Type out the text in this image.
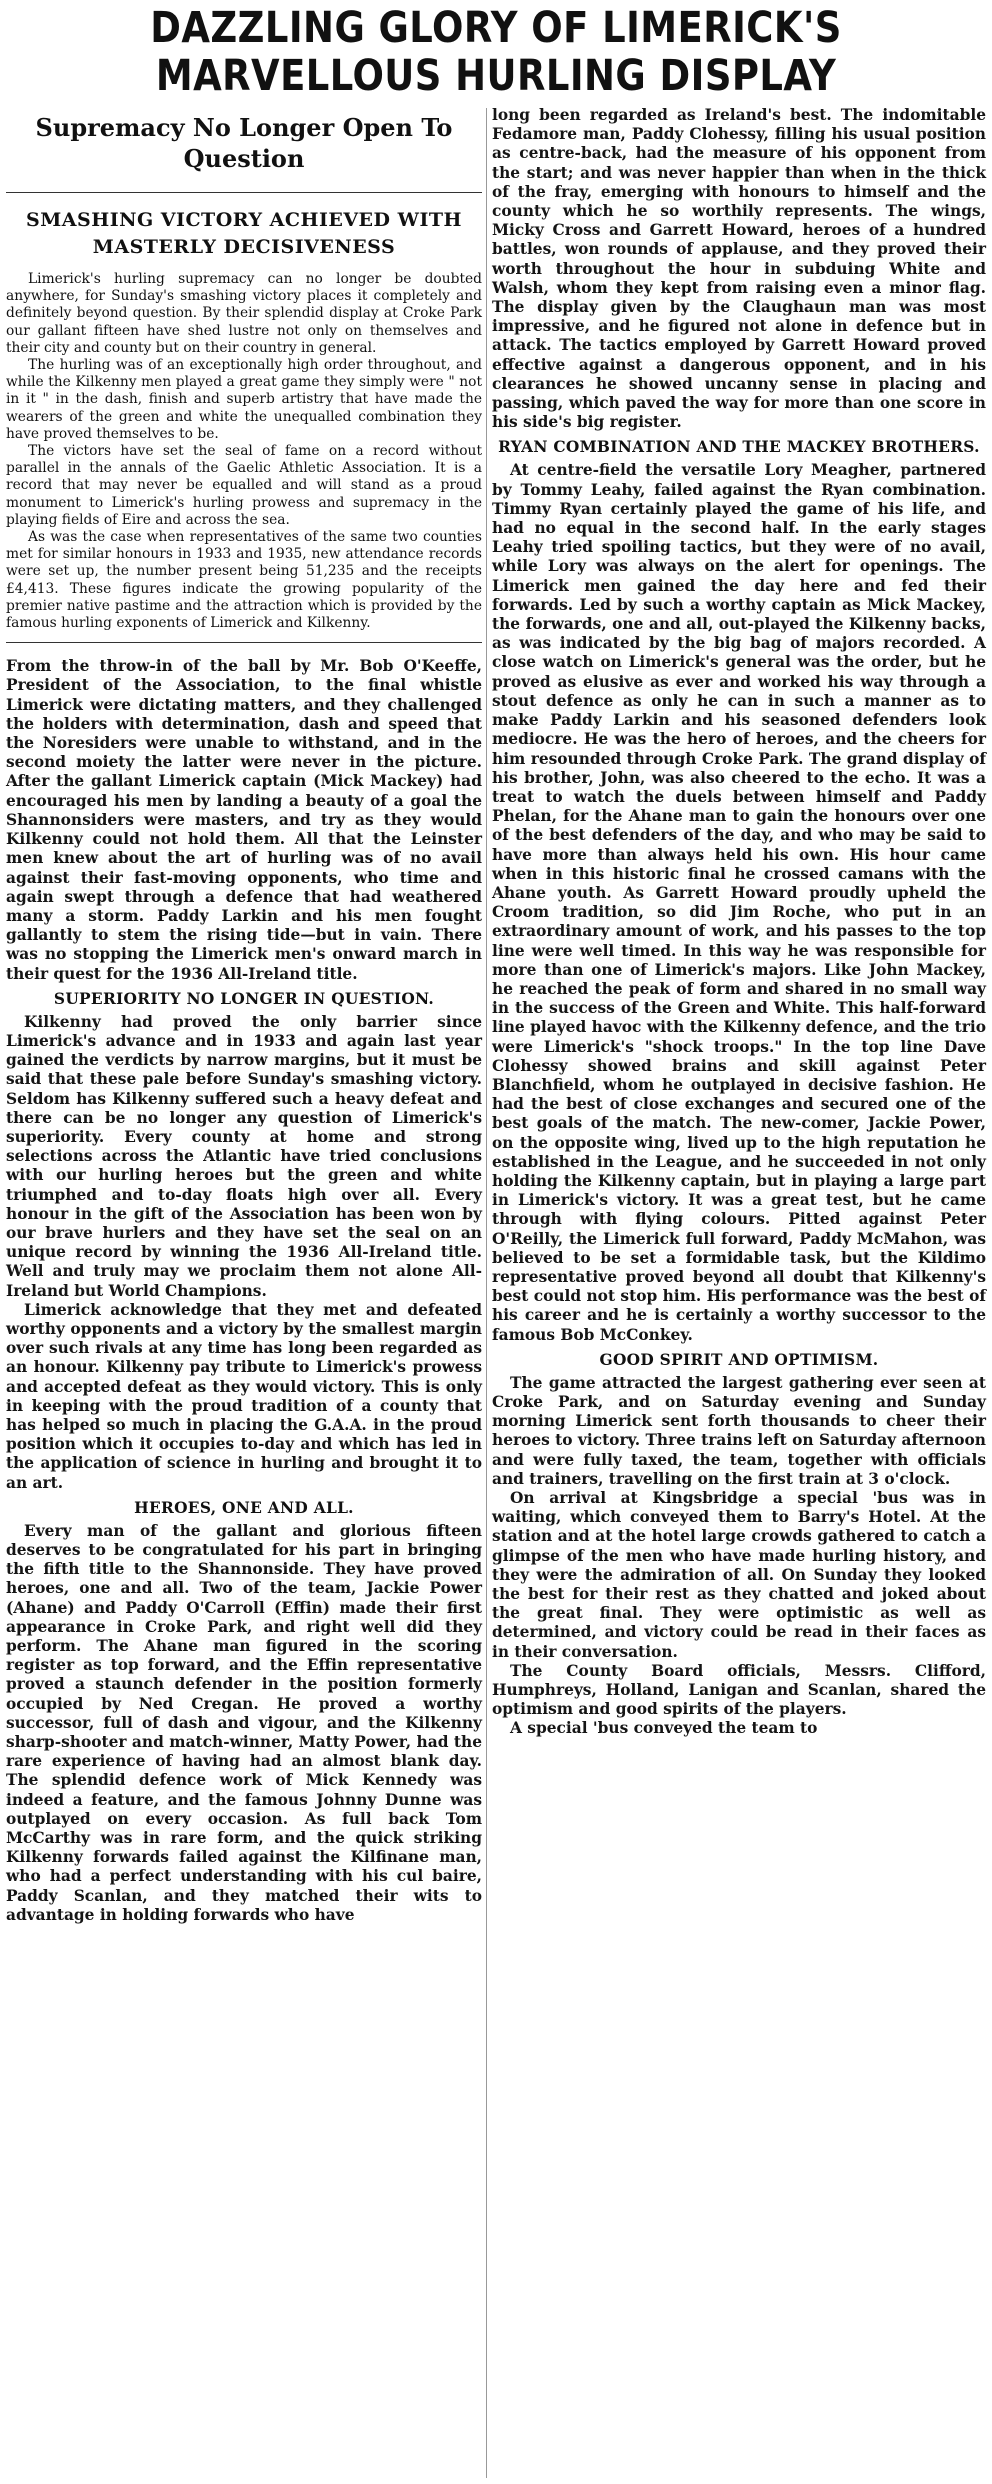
DAZZLING GLORY OF LIMERICK'S
MARVELLOUS HURLING DISPLAY
Supremacy No Longer Open To Question
SMASHING VICTORY ACHIEVED WITH MASTERLY DECISIVENESS

Limerick's hurling supremacy can no longer be doubted anywhere, for Sunday's smashing victory places it completely and definitely beyond question. By their splendid display at Croke Park our gallant fifteen have shed lustre not only on themselves and their city and county but on their country in general.

The hurling was of an exceptionally high order throughout, and while the Kilkenny men played a great game they simply were " not in it " in the dash, finish and superb artistry that have made the wearers of the green and white the unequalled combination they have proved themselves to be.

The victors have set the seal of fame on a record without parallel in the annals of the Gaelic Athletic Association. It is a record that may never be equalled and will stand as a proud monument to Limerick's hurling prowess and supremacy in the playing fields of Eire and across the sea.

As was the case when representatives of the same two counties met for similar honours in 1933 and 1935, new attendance records were set up, the number present being 51,235 and the receipts £4,413. These figures indicate the growing popularity of the premier native pastime and the attraction which is provided by the famous hurling exponents of Limerick and Kilkenny.

From the throw-in of the ball by Mr. Bob O'Keeffe, President of the Association, to the final whistle Limerick were dictating matters, and they challenged the holders with determination, dash and speed that the Noresiders were unable to withstand, and in the second moiety the latter were never in the picture. After the gallant Limerick captain (Mick Mackey) had encouraged his men by landing a beauty of a goal the Shannonsiders were masters, and try as they would Kilkenny could not hold them. All that the Leinster men knew about the art of hurling was of no avail against their fast-moving opponents, who time and again swept through a defence that had weathered many a storm. Paddy Larkin and his men fought gallantly to stem the rising tide—but in vain. There was no stopping the Limerick men's onward march in their quest for the 1936 All-Ireland title.

SUPERIORITY NO LONGER IN QUESTION.

Kilkenny had proved the only barrier since Limerick's advance and in 1933 and again last year gained the verdicts by narrow margins, but it must be said that these pale before Sunday's smashing victory. Seldom has Kilkenny suffered such a heavy defeat and there can be no longer any question of Limerick's superiority. Every county at home and strong selections across the Atlantic have tried conclusions with our hurling heroes but the green and white triumphed and to-day floats high over all. Every honour in the gift of the Association has been won by our brave hurlers and they have set the seal on an unique record by winning the 1936 All-Ireland title. Well and truly may we proclaim them not alone All-Ireland but World Champions.

Limerick acknowledge that they met and defeated worthy opponents and a victory by the smallest margin over such rivals at any time has long been regarded as an honour. Kilkenny pay tribute to Limerick's prowess and accepted defeat as they would victory. This is only in keeping with the proud tradition of a county that has helped so much in placing the G.A.A. in the proud position which it occupies to-day and which has led in the application of science in hurling and brought it to an art.

HEROES, ONE AND ALL.

Every man of the gallant and glorious fifteen deserves to be congratulated for his part in bringing the fifth title to the Shannonside. They have proved heroes, one and all. Two of the team, Jackie Power (Ahane) and Paddy O'Carroll (Effin) made their first appearance in Croke Park, and right well did they perform. The Ahane man figured in the scoring register as top forward, and the Effin representative proved a staunch defender in the position formerly occupied by Ned Cregan. He proved a worthy successor, full of dash and vigour, and the Kilkenny sharp-shooter and match-winner, Matty Power, had the rare experience of having had an almost blank day. The splendid defence work of Mick Kennedy was indeed a feature, and the famous Johnny Dunne was outplayed on every occasion. As full back Tom McCarthy was in rare form, and the quick striking Kilkenny forwards failed against the Kilfinane man, who had a perfect understanding with his cul baire, Paddy Scanlan, and they matched their wits to advantage in holding forwards who have

long been regarded as Ireland's best. The indomitable Fedamore man, Paddy Clohessy, filling his usual position as centre-back, had the measure of his opponent from the start; and was never happier than when in the thick of the fray, emerging with honours to himself and the county which he so worthily represents. The wings, Micky Cross and Garrett Howard, heroes of a hundred battles, won rounds of applause, and they proved their worth throughout the hour in subduing White and Walsh, whom they kept from raising even a minor flag. The display given by the Claughaun man was most impressive, and he figured not alone in defence but in attack. The tactics employed by Garrett Howard proved effective against a dangerous opponent, and in his clearances he showed uncanny sense in placing and passing, which paved the way for more than one score in his side's big register.

RYAN COMBINATION AND THE MACKEY BROTHERS.

At centre-field the versatile Lory Meagher, partnered by Tommy Leahy, failed against the Ryan combination. Timmy Ryan certainly played the game of his life, and had no equal in the second half. In the early stages Leahy tried spoiling tactics, but they were of no avail, while Lory was always on the alert for openings. The Limerick men gained the day here and fed their forwards. Led by such a worthy captain as Mick Mackey, the forwards, one and all, out-played the Kilkenny backs, as was indicated by the big bag of majors recorded. A close watch on Limerick's general was the order, but he proved as elusive as ever and worked his way through a stout defence as only he can in such a manner as to make Paddy Larkin and his seasoned defenders look mediocre. He was the hero of heroes, and the cheers for him resounded through Croke Park. The grand display of his brother, John, was also cheered to the echo. It was a treat to watch the duels between himself and Paddy Phelan, for the Ahane man to gain the honours over one of the best defenders of the day, and who may be said to have more than always held his own. His hour came when in this historic final he crossed camans with the Ahane youth. As Garrett Howard proudly upheld the Croom tradition, so did Jim Roche, who put in an extraordinary amount of work, and his passes to the top line were well timed. In this way he was responsible for more than one of Limerick's majors. Like John Mackey, he reached the peak of form and shared in no small way in the success of the Green and White. This half-forward line played havoc with the Kilkenny defence, and the trio were Limerick's "shock troops." In the top line Dave Clohessy showed brains and skill against Peter Blanchfield, whom he outplayed in decisive fashion. He had the best of close exchanges and secured one of the best goals of the match. The new-comer, Jackie Power, on the opposite wing, lived up to the high reputation he established in the League, and he succeeded in not only holding the Kilkenny captain, but in playing a large part in Limerick's victory. It was a great test, but he came through with flying colours. Pitted against Peter O'Reilly, the Limerick full forward, Paddy McMahon, was believed to be set a formidable task, but the Kildimo representative proved beyond all doubt that Kilkenny's best could not stop him. His performance was the best of his career and he is certainly a worthy successor to the famous Bob McConkey.

GOOD SPIRIT AND OPTIMISM.

The game attracted the largest gathering ever seen at Croke Park, and on Saturday evening and Sunday morning Limerick sent forth thousands to cheer their heroes to victory. Three trains left on Saturday afternoon and were fully taxed, the team, together with officials and trainers, travelling on the first train at 3 o'clock.

On arrival at Kingsbridge a special 'bus was in waiting, which conveyed them to Barry's Hotel. At the station and at the hotel large crowds gathered to catch a glimpse of the men who have made hurling history, and they were the admiration of all. On Sunday they looked the best for their rest as they chatted and joked about the great final. They were optimistic as well as determined, and victory could be read in their faces as in their conversation.

The County Board officials, Messrs. Clifford, Humphreys, Holland, Lanigan and Scanlan, shared the optimism and good spirits of the players.

A special 'bus conveyed the team to
